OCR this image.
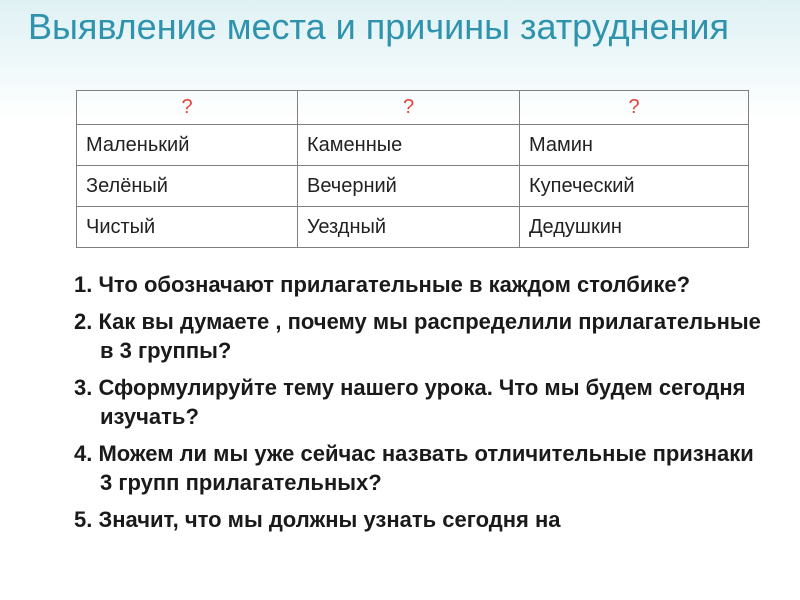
Выявление места и причины затруднения
?	?	?
Маленький	Каменные	Мамин
Зелёный	Вечерний	Купеческий
Чистый	Уездный	Дедушкин
1. Что обозначают прилагательные в каждом столбике?
2. Как вы думаете , почему мы распределили прилагательные в 3 группы?
3. Сформулируйте тему нашего урока. Что мы будем сегодня изучать?
4. Можем ли мы уже сейчас назвать отличительные признаки 3 групп прилагательных?
5. Значит, что мы должны узнать сегодня на
